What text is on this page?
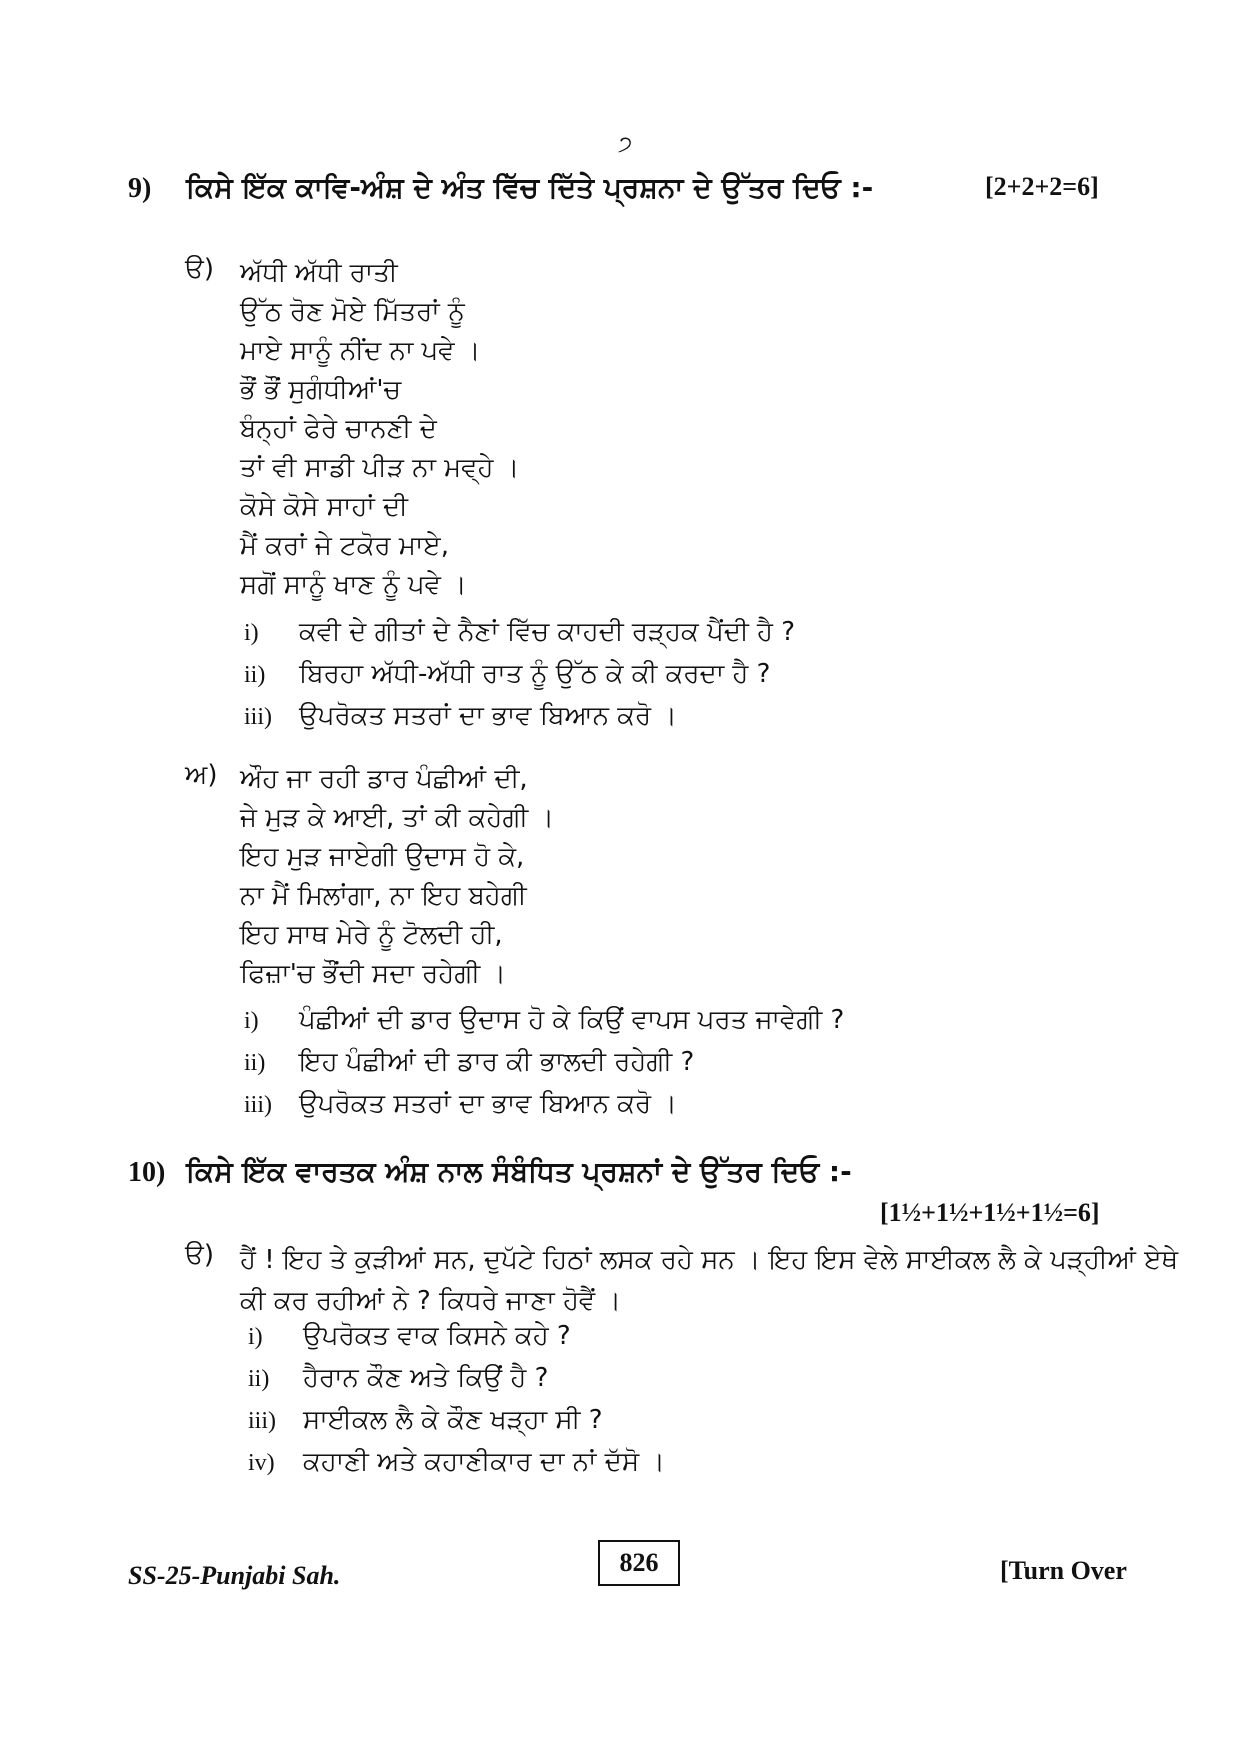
੭
9) ਕਿਸੇ ਇੱਕ ਕਾਵਿ-ਅੰਸ਼ ਦੇ ਅੰਤ ਵਿੱਚ ਦਿੱਤੇ ਪ੍ਰਸ਼ਨਾ ਦੇ ਉੱਤਰ ਦਿਓ :-	[2+2+2=6]
ੳ) ਅੱਧੀ ਅੱਧੀ ਰਾਤੀ
ਉੱਠ ਰੋਣ ਮੋਏ ਮਿੱਤਰਾਂ ਨੂੰ
ਮਾਏ ਸਾਨੂੰ ਨੀਂਦ ਨਾ ਪਵੇ ।
ਭੌਂ ਭੌਂ ਸੁਗੰਧੀਆਂ'ਚ
ਬੰਨ੍ਹਾਂ ਫੇਰੇ ਚਾਨਣੀ ਦੇ
ਤਾਂ ਵੀ ਸਾਡੀ ਪੀੜ ਨਾ ਮਵ੍ਹੇ ।
ਕੋਸੇ ਕੋਸੇ ਸਾਹਾਂ ਦੀ
ਮੈਂ ਕਰਾਂ ਜੇ ਟਕੋਰ ਮਾਏ,
ਸਗੋਂ ਸਾਨੂੰ ਖਾਣ ਨੂੰ ਪਵੇ ।
i) ਕਵੀ ਦੇ ਗੀਤਾਂ ਦੇ ਨੈਣਾਂ ਵਿੱਚ ਕਾਹਦੀ ਰੜ੍ਹਕ ਪੈਂਦੀ ਹੈ ?
ii) ਬਿਰਹਾ ਅੱਧੀ-ਅੱਧੀ ਰਾਤ ਨੂੰ ਉੱਠ ਕੇ ਕੀ ਕਰਦਾ ਹੈ ?
iii) ਉਪਰੋਕਤ ਸਤਰਾਂ ਦਾ ਭਾਵ ਬਿਆਨ ਕਰੋ ।
ਅ) ਔਹ ਜਾ ਰਹੀ ਡਾਰ ਪੰਛੀਆਂ ਦੀ,
ਜੇ ਮੁੜ ਕੇ ਆਈ, ਤਾਂ ਕੀ ਕਹੇਗੀ ।
ਇਹ ਮੁੜ ਜਾਏਗੀ ਉਦਾਸ ਹੋ ਕੇ,
ਨਾ ਮੈਂ ਮਿਲਾਂਗਾ, ਨਾ ਇਹ ਬਹੇਗੀ
ਇਹ ਸਾਥ ਮੇਰੇ ਨੂੰ ਟੋਲਦੀ ਹੀ,
ਫਿਜ਼ਾ'ਚ ਭੌਂਦੀ ਸਦਾ ਰਹੇਗੀ ।
i) ਪੰਛੀਆਂ ਦੀ ਡਾਰ ਉਦਾਸ ਹੋ ਕੇ ਕਿਉਂ ਵਾਪਸ ਪਰਤ ਜਾਵੇਗੀ ?
ii) ਇਹ ਪੰਛੀਆਂ ਦੀ ਡਾਰ ਕੀ ਭਾਲਦੀ ਰਹੇਗੀ ?
iii) ਉਪਰੋਕਤ ਸਤਰਾਂ ਦਾ ਭਾਵ ਬਿਆਨ ਕਰੋ ।
10) ਕਿਸੇ ਇੱਕ ਵਾਰਤਕ ਅੰਸ਼ ਨਾਲ ਸੰਬੰਧਿਤ ਪ੍ਰਸ਼ਨਾਂ ਦੇ ਉੱਤਰ ਦਿਓ :-
[1½+1½+1½+1½=6]
ੳ) ਹੈਂ ! ਇਹ ਤੇ ਕੁੜੀਆਂ ਸਨ, ਦੁਪੱਟੇ ਹਿਠਾਂ ਲਸਕ ਰਹੇ ਸਨ । ਇਹ ਇਸ ਵੇਲੇ ਸਾਈਕਲ ਲੈ ਕੇ ਪੜ੍ਹੀਆਂ ਏਥੇ ਕੀ ਕਰ ਰਹੀਆਂ ਨੇ ? ਕਿਧਰੇ ਜਾਣਾ ਹੋਵੈਂ ।
i) ਉਪਰੋਕਤ ਵਾਕ ਕਿਸਨੇ ਕਹੇ ?
ii) ਹੈਰਾਨ ਕੌਣ ਅਤੇ ਕਿਉਂ ਹੈ ?
iii) ਸਾਈਕਲ ਲੈ ਕੇ ਕੌਣ ਖੜ੍ਹਾ ਸੀ ?
iv) ਕਹਾਣੀ ਅਤੇ ਕਹਾਣੀਕਾਰ ਦਾ ਨਾਂ ਦੱਸੋ ।
SS-25-Punjabi Sah.	826	[Turn Over
